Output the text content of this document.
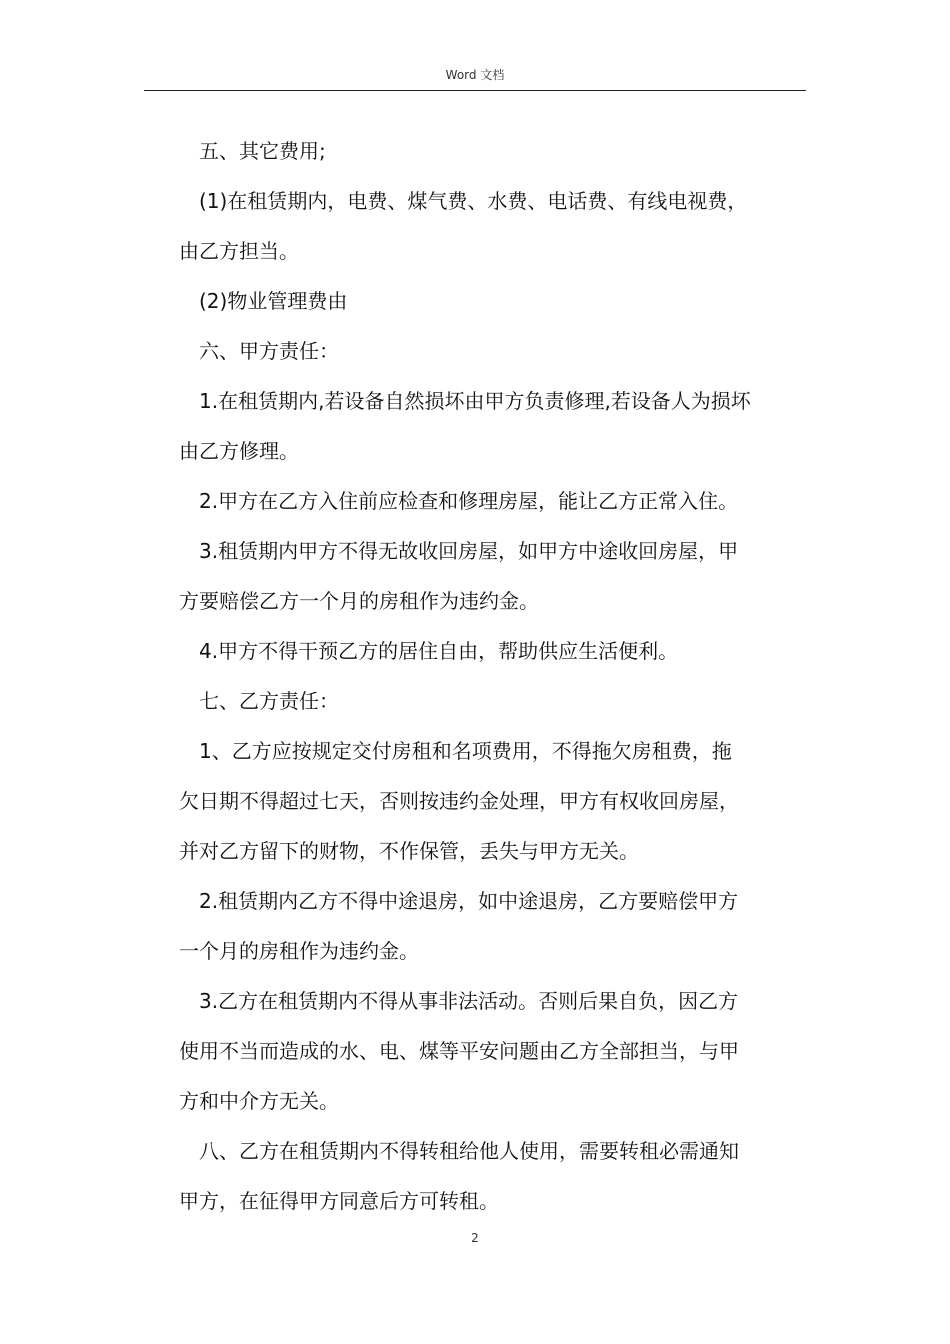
Word 文档
五、其它费用;
(1)在租赁期内，电费、煤气费、水费、电话费、有线电视费，
由乙方担当。
(2)物业管理费由
六、甲方责任：
1.在租赁期内,若设备自然损坏由甲方负责修理,若设备人为损坏
由乙方修理。
2.甲方在乙方入住前应检查和修理房屋，能让乙方正常入住。
3.租赁期内甲方不得无故收回房屋，如甲方中途收回房屋，甲
方要赔偿乙方一个月的房租作为违约金。
4.甲方不得干预乙方的居住自由，帮助供应生活便利。
七、乙方责任：
1、乙方应按规定交付房租和名项费用，不得拖欠房租费，拖
欠日期不得超过七天，否则按违约金处理，甲方有权收回房屋，
并对乙方留下的财物，不作保管，丢失与甲方无关。
2.租赁期内乙方不得中途退房，如中途退房，乙方要赔偿甲方
一个月的房租作为违约金。
3.乙方在租赁期内不得从事非法活动。否则后果自负，因乙方
使用不当而造成的水、电、煤等平安问题由乙方全部担当，与甲
方和中介方无关。
八、乙方在租赁期内不得转租给他人使用，需要转租必需通知
甲方，在征得甲方同意后方可转租。
2
